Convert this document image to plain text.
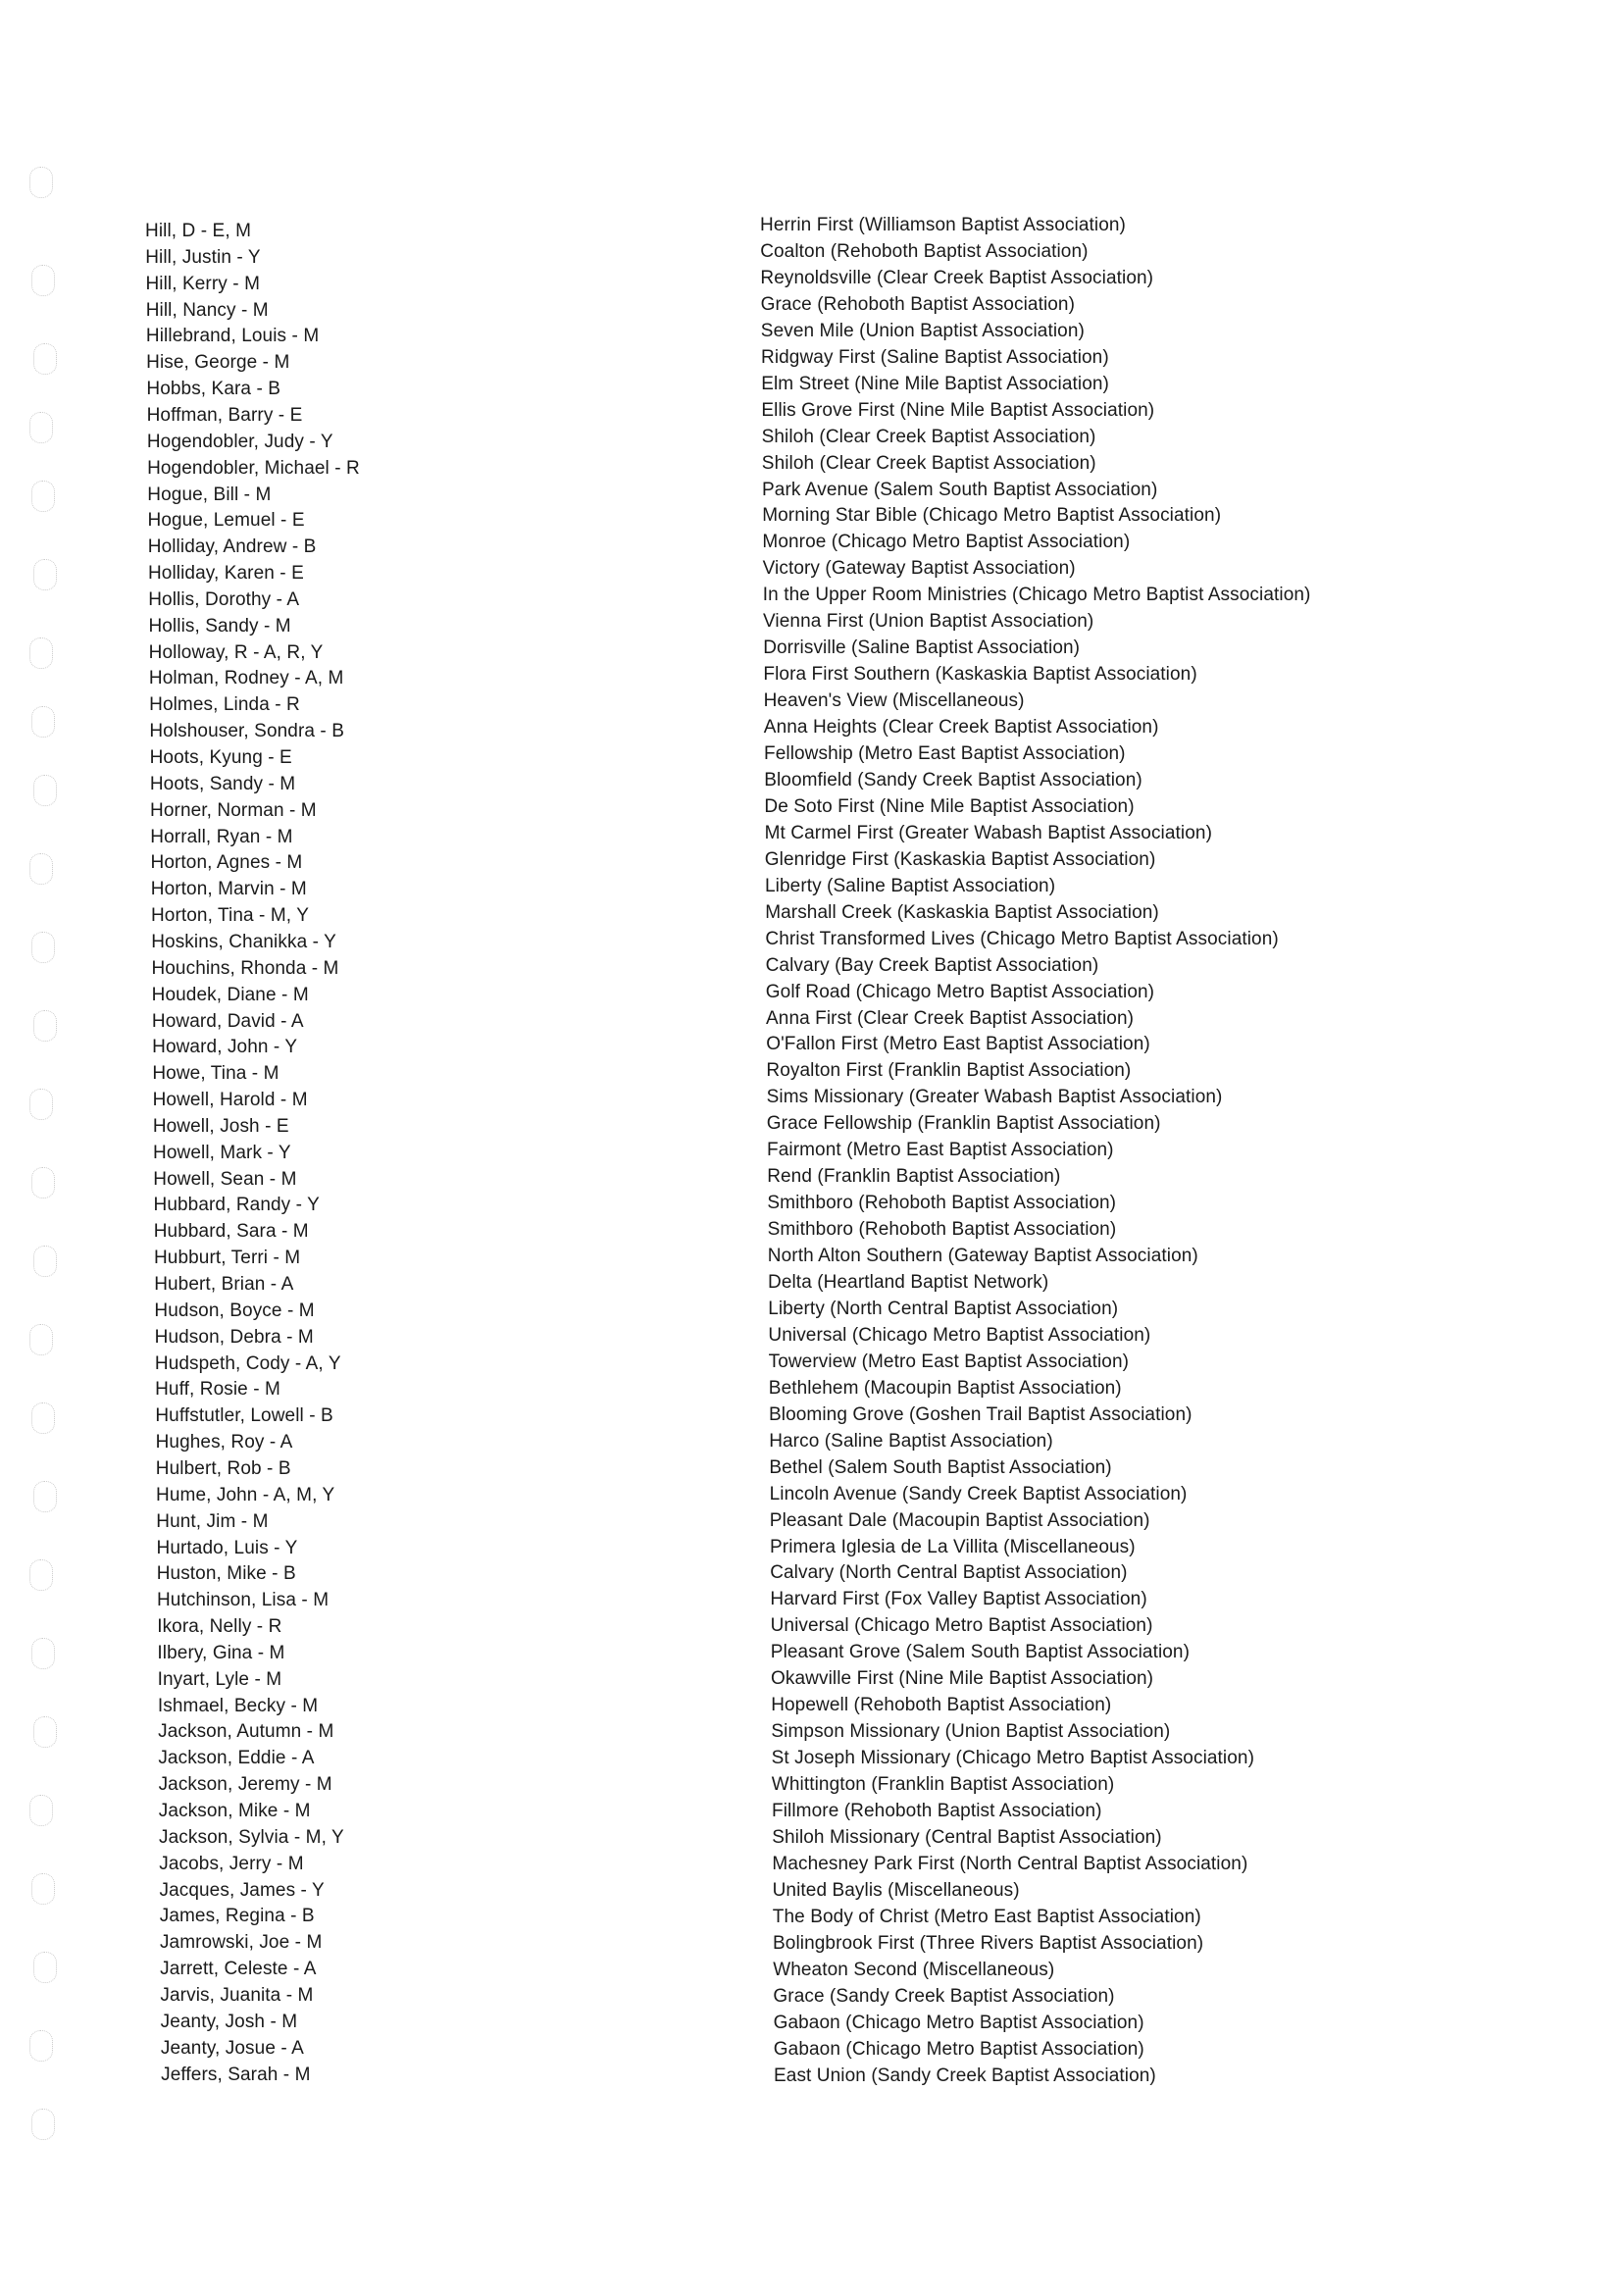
Hill, D - E, M
Hill, Justin - Y
Hill, Kerry - M
Hill, Nancy - M
Hillebrand, Louis - M
Hise, George - M
Hobbs, Kara - B
Hoffman, Barry - E
Hogendobler, Judy - Y
Hogendobler, Michael - R
Hogue, Bill - M
Hogue, Lemuel - E
Holliday, Andrew - B
Holliday, Karen - E
Hollis, Dorothy - A
Hollis, Sandy - M
Holloway, R - A, R, Y
Holman, Rodney - A, M
Holmes, Linda - R
Holshouser, Sondra - B
Hoots, Kyung - E
Hoots, Sandy - M
Horner, Norman - M
Horrall, Ryan - M
Horton, Agnes - M
Horton, Marvin - M
Horton, Tina - M, Y
Hoskins, Chanikka - Y
Houchins, Rhonda - M
Houdek, Diane - M
Howard, David - A
Howard, John - Y
Howe, Tina - M
Howell, Harold - M
Howell, Josh - E
Howell, Mark - Y
Howell, Sean - M
Hubbard, Randy - Y
Hubbard, Sara - M
Hubburt, Terri - M
Hubert, Brian - A
Hudson, Boyce - M
Hudson, Debra - M
Hudspeth, Cody - A, Y
Huff, Rosie - M
Huffstutler, Lowell - B
Hughes, Roy - A
Hulbert, Rob - B
Hume, John - A, M, Y
Hunt, Jim - M
Hurtado, Luis - Y
Huston, Mike - B
Hutchinson, Lisa - M
Ikora, Nelly - R
Ilbery, Gina - M
Inyart, Lyle - M
Ishmael, Becky - M
Jackson, Autumn - M
Jackson, Eddie - A
Jackson, Jeremy - M
Jackson, Mike - M
Jackson, Sylvia - M, Y
Jacobs, Jerry - M
Jacques, James - Y
James, Regina - B
Jamrowski, Joe - M
Jarrett, Celeste - A
Jarvis, Juanita - M
Jeanty, Josh - M
Jeanty, Josue - A
Jeffers, Sarah - M
Herrin First (Williamson Baptist Association)
Coalton (Rehoboth Baptist Association)
Reynoldsville (Clear Creek Baptist Association)
Grace (Rehoboth Baptist Association)
Seven Mile (Union Baptist Association)
Ridgway First (Saline Baptist Association)
Elm Street (Nine Mile Baptist Association)
Ellis Grove First (Nine Mile Baptist Association)
Shiloh (Clear Creek Baptist Association)
Shiloh (Clear Creek Baptist Association)
Park Avenue (Salem South Baptist Association)
Morning Star Bible (Chicago Metro Baptist Association)
Monroe (Chicago Metro Baptist Association)
Victory (Gateway Baptist Association)
In the Upper Room Ministries (Chicago Metro Baptist Association)
Vienna First (Union Baptist Association)
Dorrisville (Saline Baptist Association)
Flora First Southern (Kaskaskia Baptist Association)
Heaven's View (Miscellaneous)
Anna Heights (Clear Creek Baptist Association)
Fellowship (Metro East Baptist Association)
Bloomfield (Sandy Creek Baptist Association)
De Soto First (Nine Mile Baptist Association)
Mt Carmel First (Greater Wabash Baptist Association)
Glenridge First (Kaskaskia Baptist Association)
Liberty (Saline Baptist Association)
Marshall Creek (Kaskaskia Baptist Association)
Christ Transformed Lives (Chicago Metro Baptist Association)
Calvary (Bay Creek Baptist Association)
Golf Road (Chicago Metro Baptist Association)
Anna First (Clear Creek Baptist Association)
O'Fallon First (Metro East Baptist Association)
Royalton First (Franklin Baptist Association)
Sims Missionary (Greater Wabash Baptist Association)
Grace Fellowship (Franklin Baptist Association)
Fairmont (Metro East Baptist Association)
Rend (Franklin Baptist Association)
Smithboro (Rehoboth Baptist Association)
Smithboro (Rehoboth Baptist Association)
North Alton Southern (Gateway Baptist Association)
Delta (Heartland Baptist Network)
Liberty (North Central Baptist Association)
Universal (Chicago Metro Baptist Association)
Towerview (Metro East Baptist Association)
Bethlehem (Macoupin Baptist Association)
Blooming Grove (Goshen Trail Baptist Association)
Harco (Saline Baptist Association)
Bethel (Salem South Baptist Association)
Lincoln Avenue (Sandy Creek Baptist Association)
Pleasant Dale (Macoupin Baptist Association)
Primera Iglesia de La Villita (Miscellaneous)
Calvary (North Central Baptist Association)
Harvard First (Fox Valley Baptist Association)
Universal (Chicago Metro Baptist Association)
Pleasant Grove (Salem South Baptist Association)
Okawville First (Nine Mile Baptist Association)
Hopewell (Rehoboth Baptist Association)
Simpson Missionary (Union Baptist Association)
St Joseph Missionary (Chicago Metro Baptist Association)
Whittington (Franklin Baptist Association)
Fillmore (Rehoboth Baptist Association)
Shiloh Missionary (Central Baptist Association)
Machesney Park First (North Central Baptist Association)
United Baylis (Miscellaneous)
The Body of Christ (Metro East Baptist Association)
Bolingbrook First (Three Rivers Baptist Association)
Wheaton Second (Miscellaneous)
Grace (Sandy Creek Baptist Association)
Gabaon (Chicago Metro Baptist Association)
Gabaon (Chicago Metro Baptist Association)
East Union (Sandy Creek Baptist Association)
